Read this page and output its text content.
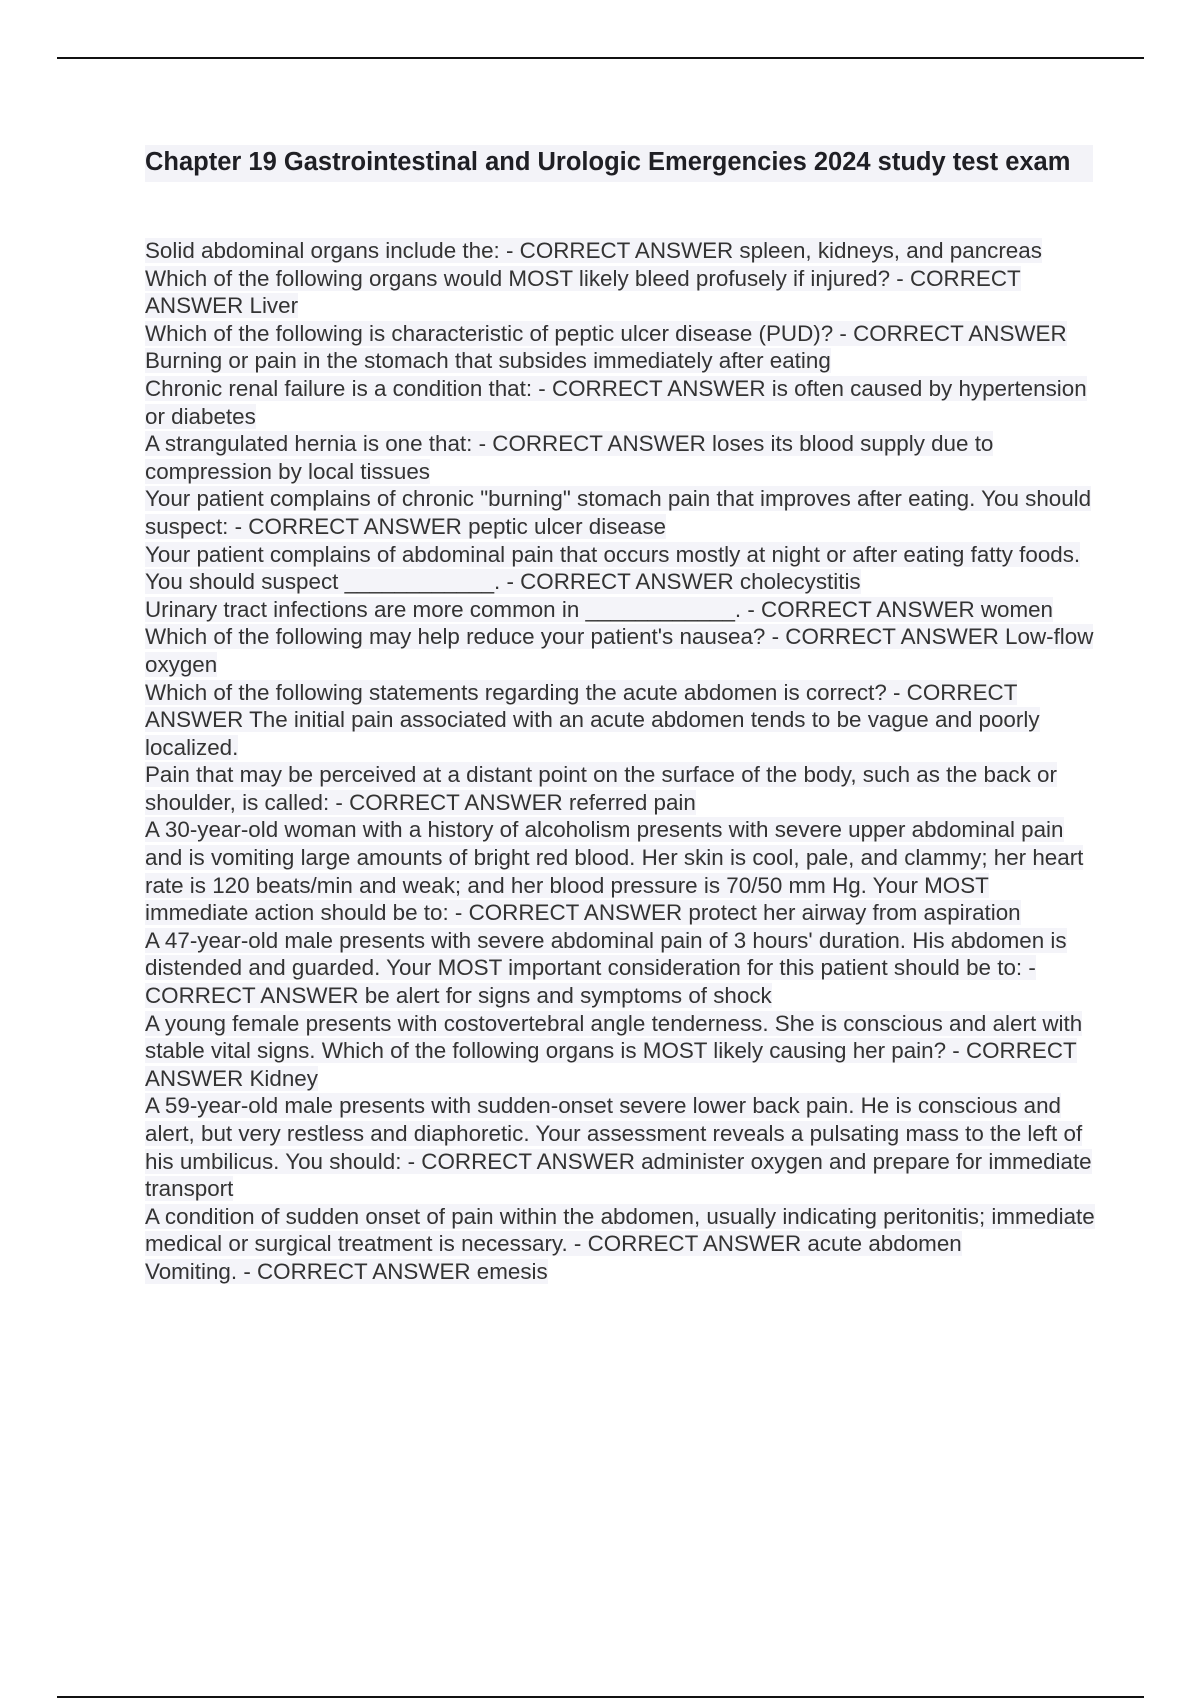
Chapter 19 Gastrointestinal and Urologic Emergencies 2024 study test exam
Solid abdominal organs include the: - CORRECT ANSWER spleen, kidneys, and pancreas
Which of the following organs would MOST likely bleed profusely if injured? - CORRECT ANSWER Liver
Which of the following is characteristic of peptic ulcer disease (PUD)? - CORRECT ANSWER Burning or pain in the stomach that subsides immediately after eating
Chronic renal failure is a condition that: - CORRECT ANSWER is often caused by hypertension or diabetes
A strangulated hernia is one that: - CORRECT ANSWER loses its blood supply due to compression by local tissues
Your patient complains of chronic "burning" stomach pain that improves after eating. You should suspect: - CORRECT ANSWER peptic ulcer disease
Your patient complains of abdominal pain that occurs mostly at night or after eating fatty foods. You should suspect ____________. - CORRECT ANSWER cholecystitis
Urinary tract infections are more common in ____________. - CORRECT ANSWER women
Which of the following may help reduce your patient's nausea? - CORRECT ANSWER Low-flow oxygen
Which of the following statements regarding the acute abdomen is correct? - CORRECT ANSWER The initial pain associated with an acute abdomen tends to be vague and poorly localized.
Pain that may be perceived at a distant point on the surface of the body, such as the back or shoulder, is called: - CORRECT ANSWER referred pain
A 30-year-old woman with a history of alcoholism presents with severe upper abdominal pain and is vomiting large amounts of bright red blood. Her skin is cool, pale, and clammy; her heart rate is 120 beats/min and weak; and her blood pressure is 70/50 mm Hg. Your MOST immediate action should be to: - CORRECT ANSWER protect her airway from aspiration
A 47-year-old male presents with severe abdominal pain of 3 hours' duration. His abdomen is distended and guarded. Your MOST important consideration for this patient should be to: - CORRECT ANSWER be alert for signs and symptoms of shock
A young female presents with costovertebral angle tenderness. She is conscious and alert with stable vital signs. Which of the following organs is MOST likely causing her pain? - CORRECT ANSWER Kidney
A 59-year-old male presents with sudden-onset severe lower back pain. He is conscious and alert, but very restless and diaphoretic. Your assessment reveals a pulsating mass to the left of his umbilicus. You should: - CORRECT ANSWER administer oxygen and prepare for immediate transport
A condition of sudden onset of pain within the abdomen, usually indicating peritonitis; immediate medical or surgical treatment is necessary. - CORRECT ANSWER acute abdomen
Vomiting. - CORRECT ANSWER emesis
